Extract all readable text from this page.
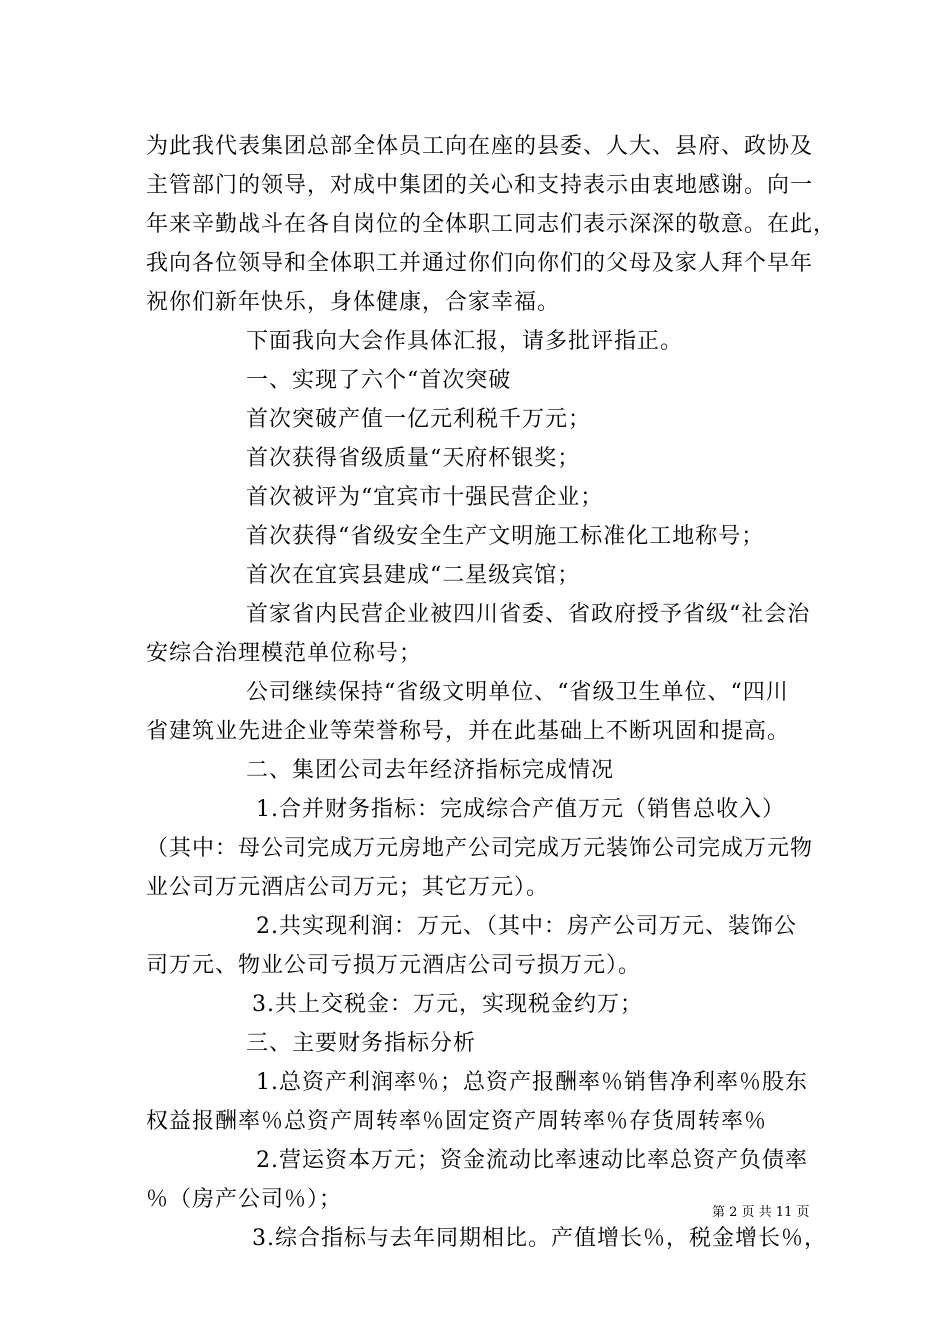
为此我代表集团总部全体员工向在座的县委、人大、县府、政协及
主管部门的领导，对成中集团的关心和支持表示由衷地感谢。向一
年来辛勤战斗在各自岗位的全体职工同志们表示深深的敬意。在此，
我向各位领导和全体职工并通过你们向你们的父母及家人拜个早年
祝你们新年快乐，身体健康，合家幸福。
下面我向大会作具体汇报，请多批评指正。
一、实现了六个“首次突破
首次突破产值一亿元利税千万元；
首次获得省级质量“天府杯银奖；
首次被评为“宜宾市十强民营企业；
首次获得“省级安全生产文明施工标准化工地称号；
首次在宜宾县建成“二星级宾馆；
首家省内民营企业被四川省委、省政府授予省级“社会治
安综合治理模范单位称号；
公司继续保持“省级文明单位、“省级卫生单位、“四川
省建筑业先进企业等荣誉称号，并在此基础上不断巩固和提高。
二、集团公司去年经济指标完成情况
1.合并财务指标：完成综合产值万元（销售总收入）
（其中：母公司完成万元房地产公司完成万元装饰公司完成万元物
业公司万元酒店公司万元；其它万元）。
2.共实现利润：万元、（其中：房产公司万元、装饰公
司万元、物业公司亏损万元酒店公司亏损万元）。
3.共上交税金：万元，实现税金约万；
三、主要财务指标分析
1.总资产利润率％；总资产报酬率％销售净利率％股东
权益报酬率％总资产周转率％固定资产周转率％存货周转率％
2.营运资本万元；资金流动比率速动比率总资产负债率
％（房产公司％）；
3.综合指标与去年同期相比。产值增长％，税金增长％，
第 2 页 共 11 页
